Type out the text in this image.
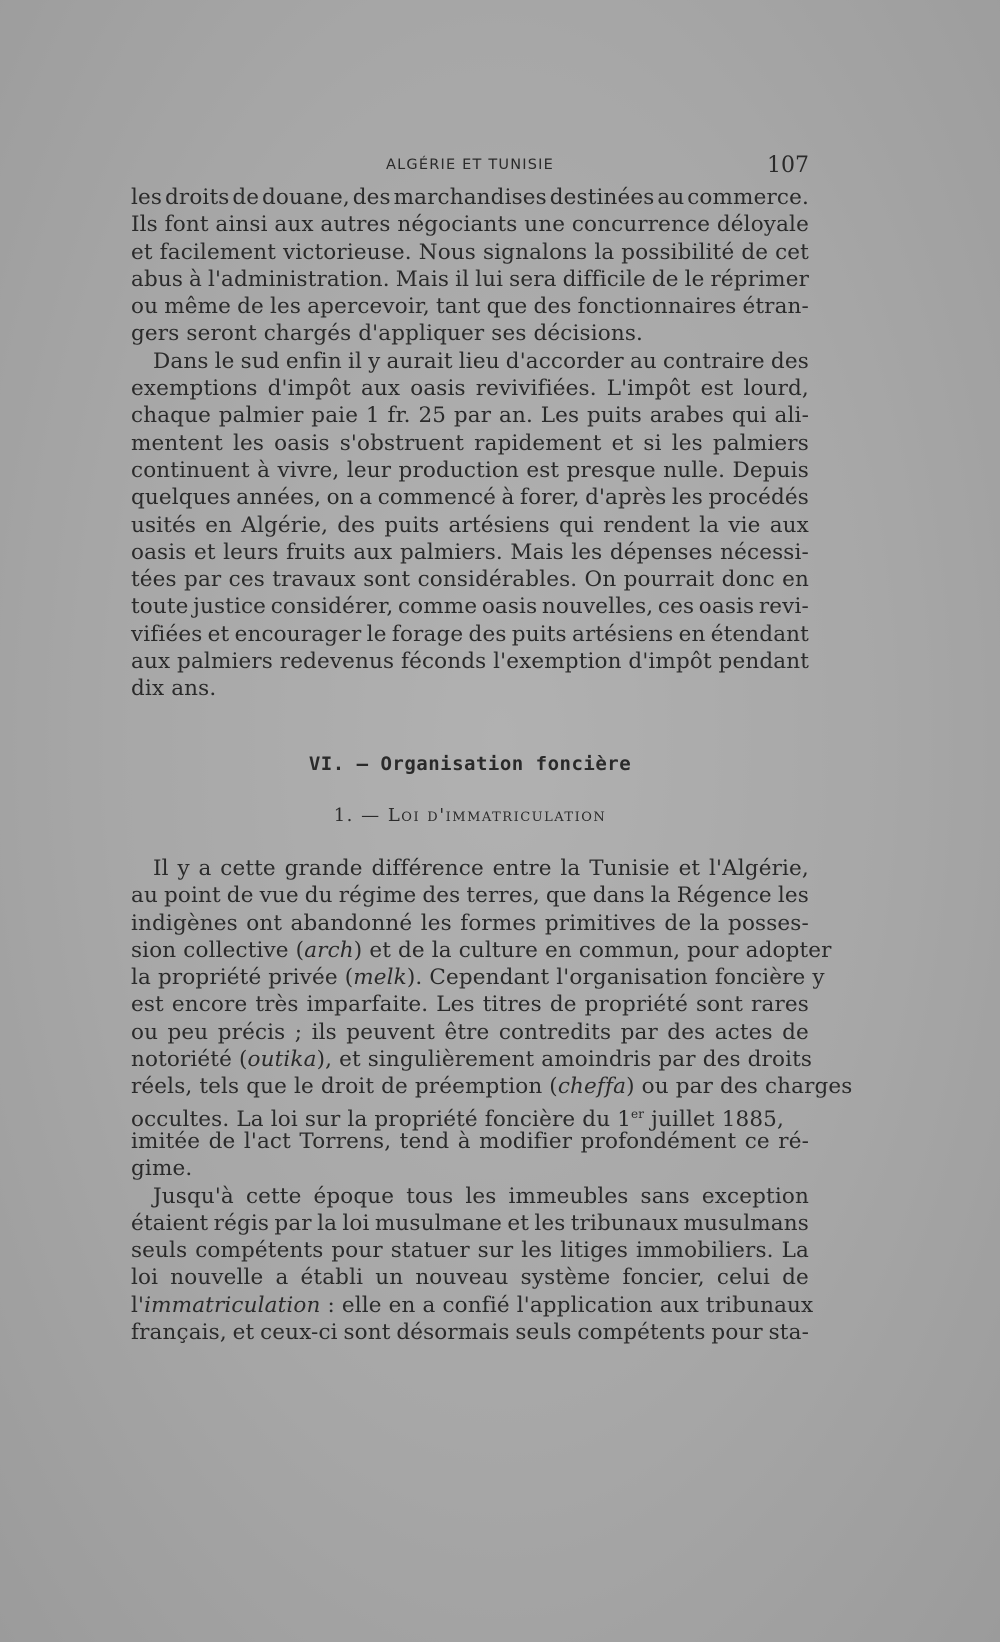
ALGÉRIE ET TUNISIE	107
les droits de douane, des marchandises destinées au commerce.
Ils font ainsi aux autres négociants une concurrence déloyale
et facilement victorieuse. Nous signalons la possibilité de cet
abus à l'administration. Mais il lui sera difficile de le réprimer
ou même de les apercevoir, tant que des fonctionnaires étran-
gers seront chargés d'appliquer ses décisions.
Dans le sud enfin il y aurait lieu d'accorder au contraire des
exemptions d'impôt aux oasis revivifiées. L'impôt est lourd,
chaque palmier paie 1 fr. 25 par an. Les puits arabes qui ali-
mentent les oasis s'obstruent rapidement et si les palmiers
continuent à vivre, leur production est presque nulle. Depuis
quelques années, on a commencé à forer, d'après les procédés
usités en Algérie, des puits artésiens qui rendent la vie aux
oasis et leurs fruits aux palmiers. Mais les dépenses nécessi-
tées par ces travaux sont considérables. On pourrait donc en
toute justice considérer, comme oasis nouvelles, ces oasis revi-
vifiées et encourager le forage des puits artésiens en étendant
aux palmiers redevenus féconds l'exemption d'impôt pendant
dix ans.
VI. — Organisation foncière
1. — Loi d'immatriculation
Il y a cette grande différence entre la Tunisie et l'Algérie,
au point de vue du régime des terres, que dans la Régence les
indigènes ont abandonné les formes primitives de la posses-
sion collective (arch) et de la culture en commun, pour adopter
la propriété privée (melk). Cependant l'organisation foncière y
est encore très imparfaite. Les titres de propriété sont rares
ou peu précis ; ils peuvent être contredits par des actes de
notoriété (outika), et singulièrement amoindris par des droits
réels, tels que le droit de préemption (cheffa) ou par des charges
occultes. La loi sur la propriété foncière du 1er juillet 1885,
imitée de l'act Torrens, tend à modifier profondément ce ré-
gime.
Jusqu'à cette époque tous les immeubles sans exception
étaient régis par la loi musulmane et les tribunaux musulmans
seuls compétents pour statuer sur les litiges immobiliers. La
loi nouvelle a établi un nouveau système foncier, celui de
l'immatriculation : elle en a confié l'application aux tribunaux
français, et ceux-ci sont désormais seuls compétents pour sta-
